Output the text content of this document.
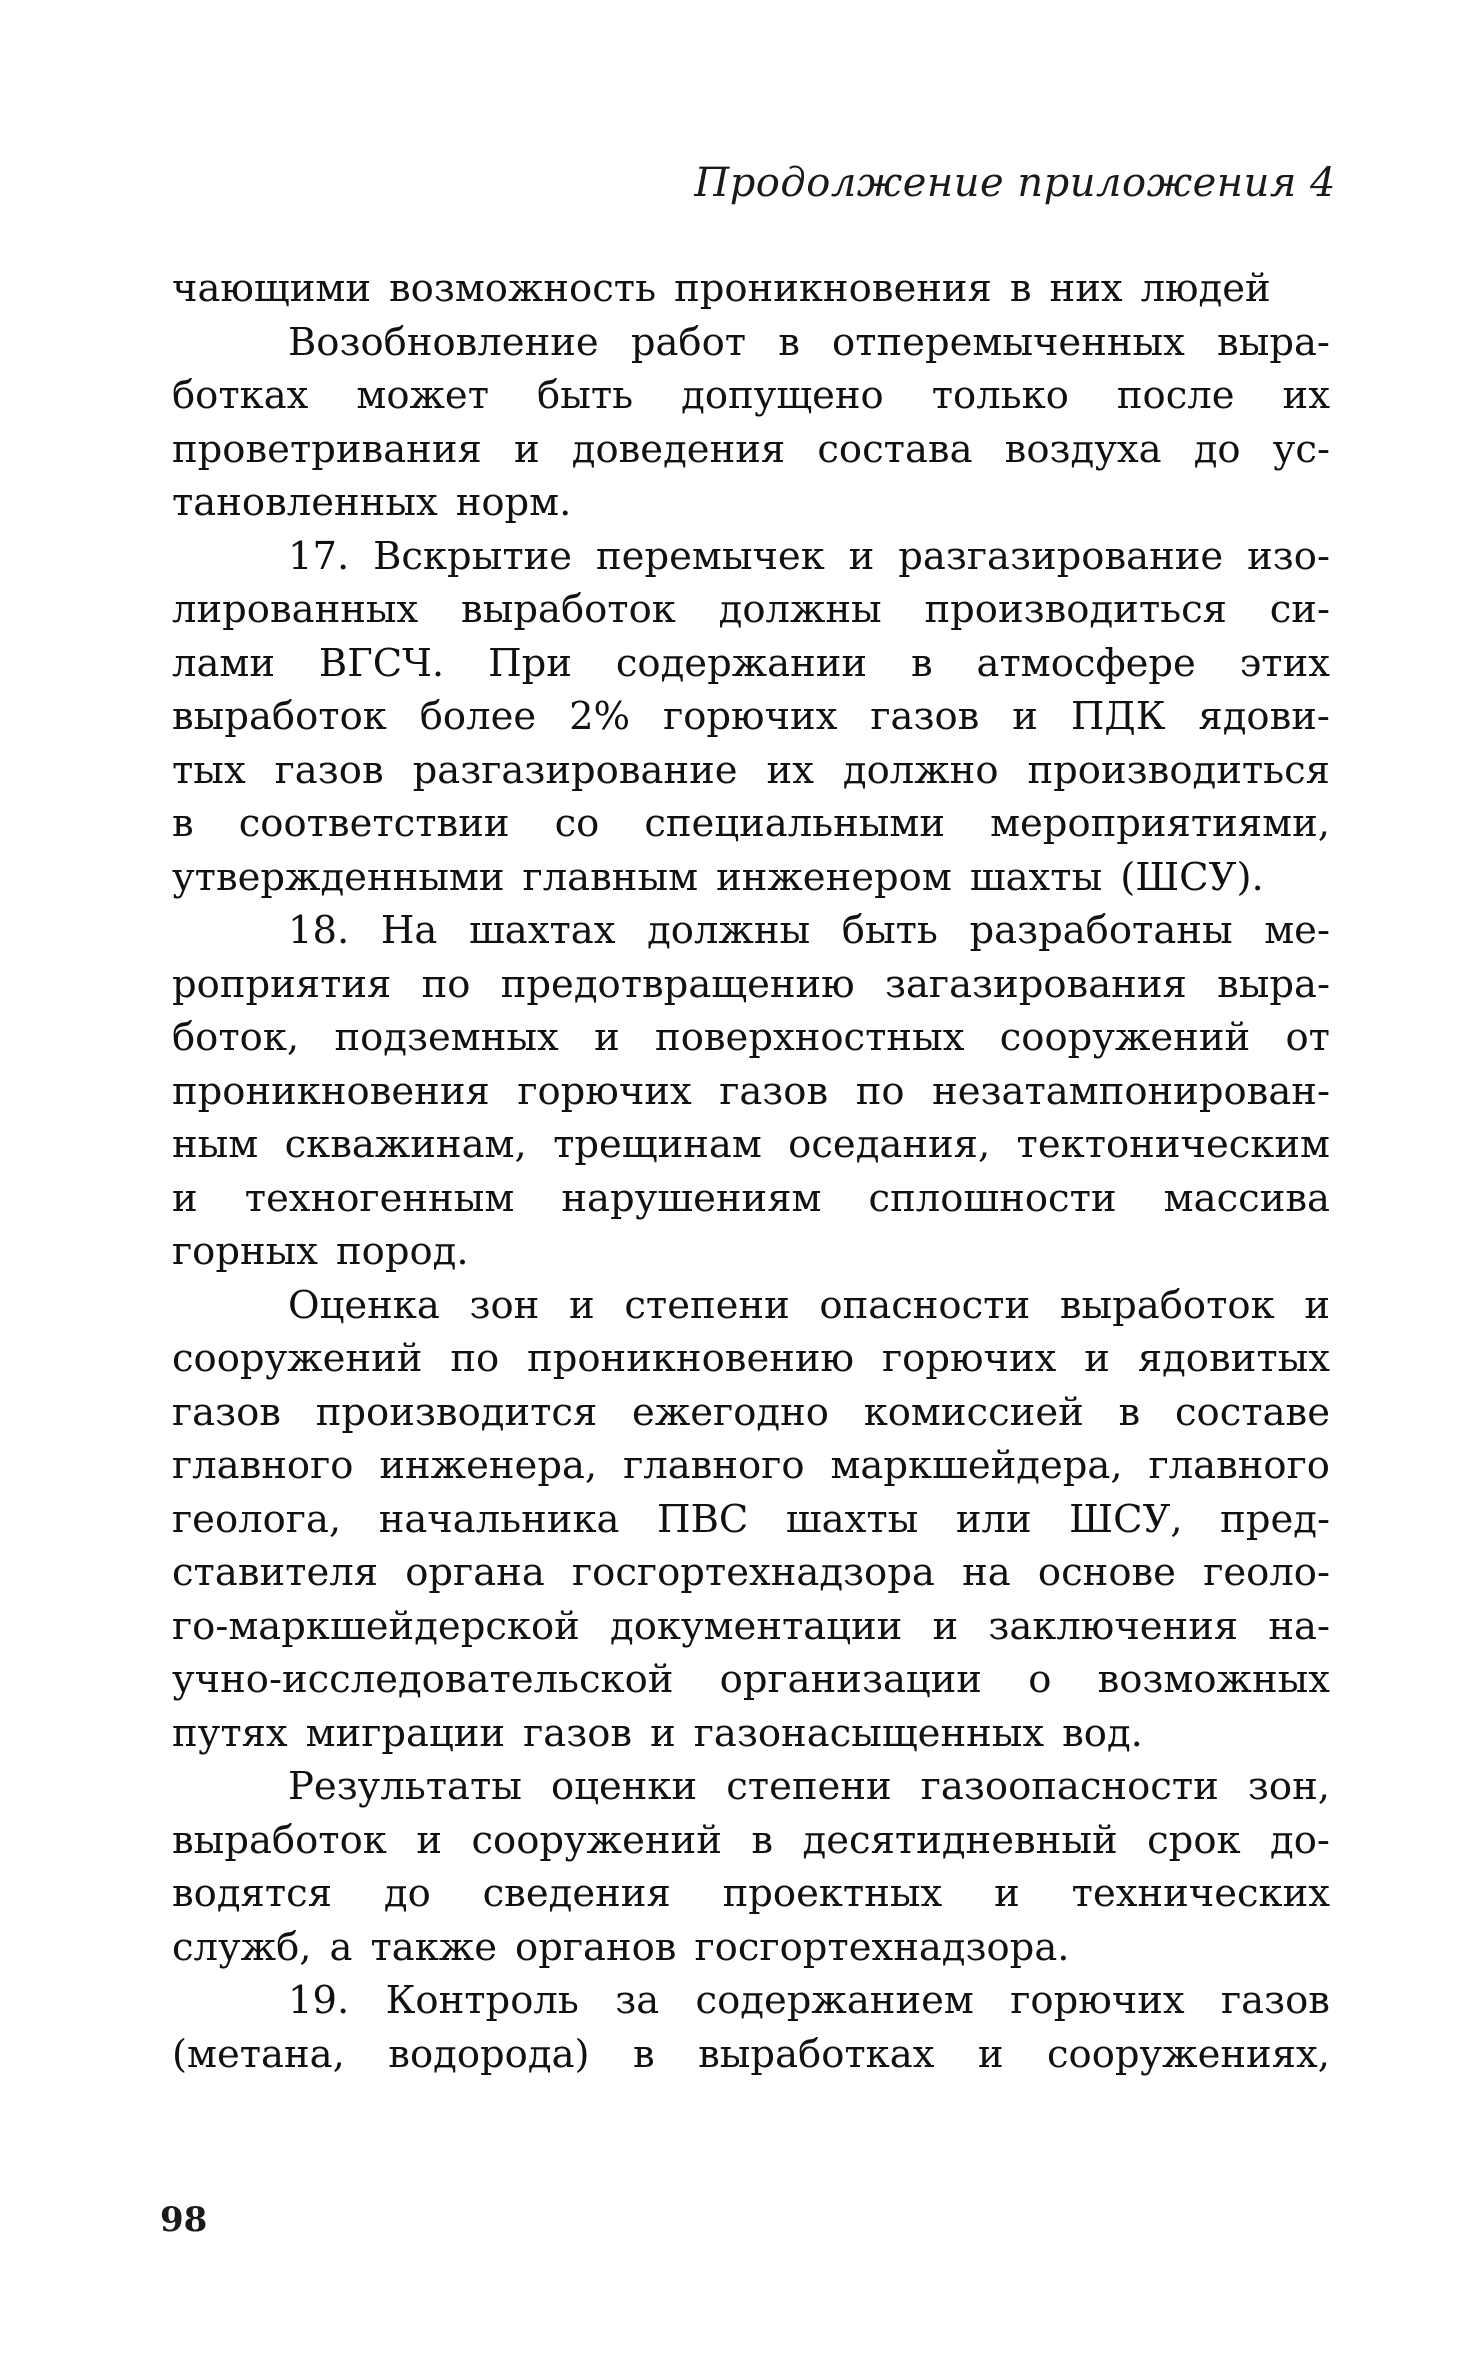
Продолжение приложения 4
чающими возможность проникновения в них людей
Возобновление работ в отперемыченных выра-
ботках может быть допущено только после их
проветривания и доведения состава воздуха до ус-
тановленных норм.
17. Вскрытие перемычек и разгазирование изо-
лированных выработок должны производиться си-
лами ВГСЧ. При содержании в атмосфере этих
выработок более 2% горючих газов и ПДК ядови-
тых газов разгазирование их должно производиться
в соответствии со специальными мероприятиями,
утвержденными главным инженером шахты (ШСУ).
18. На шахтах должны быть разработаны ме-
роприятия по предотвращению загазирования выра-
боток, подземных и поверхностных сооружений от
проникновения горючих газов по незатампонирован-
ным скважинам, трещинам оседания, тектоническим
и техногенным нарушениям сплошности массива
горных пород.
Оценка зон и степени опасности выработок и
сооружений по проникновению горючих и ядовитых
газов производится ежегодно комиссией в составе
главного инженера, главного маркшейдера, главного
геолога, начальника ПВС шахты или ШСУ, пред-
ставителя органа госгортехнадзора на основе геоло-
го-маркшейдерской документации и заключения на-
учно-исследовательской организации о возможных
путях миграции газов и газонасыщенных вод.
Результаты оценки степени газоопасности зон,
выработок и сооружений в десятидневный срок до-
водятся до сведения проектных и технических
служб, а также органов госгортехнадзора.
19. Контроль за содержанием горючих газов
(метана, водорода) в выработках и сооружениях,
98
